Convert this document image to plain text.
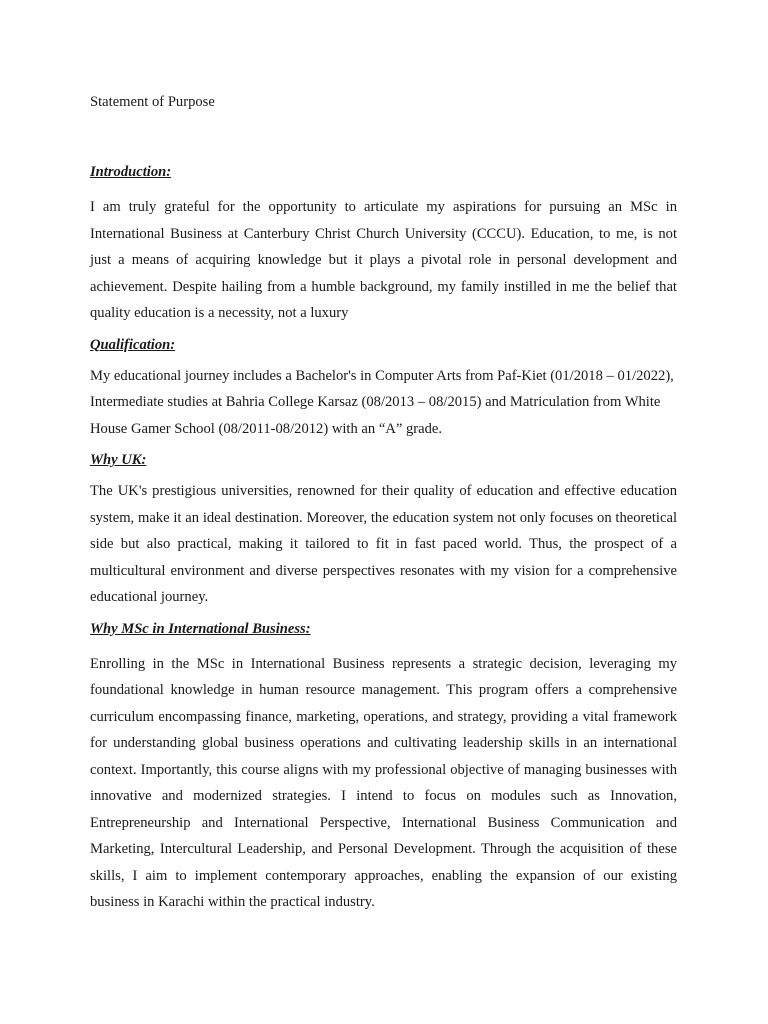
Statement of Purpose

Introduction:

I am truly grateful for the opportunity to articulate my aspirations for pursuing an MSc in International Business at Canterbury Christ Church University (CCCU). Education, to me, is not just a means of acquiring knowledge but it plays a pivotal role in personal development and achievement. Despite hailing from a humble background, my family instilled in me the belief that quality education is a necessity, not a luxury

Qualification:

My educational journey includes a Bachelor's in Computer Arts from Paf-Kiet (01/2018 – 01/2022), Intermediate studies at Bahria College Karsaz (08/2013 – 08/2015) and Matriculation from White House Gamer School (08/2011-08/2012) with an “A” grade.

Why UK:

The UK's prestigious universities, renowned for their quality of education and effective education system, make it an ideal destination. Moreover, the education system not only focuses on theoretical side but also practical, making it tailored to fit in fast paced world. Thus, the prospect of a multicultural environment and diverse perspectives resonates with my vision for a comprehensive educational journey.

Why MSc in International Business:

Enrolling in the MSc in International Business represents a strategic decision, leveraging my foundational knowledge in human resource management. This program offers a comprehensive curriculum encompassing finance, marketing, operations, and strategy, providing a vital framework for understanding global business operations and cultivating leadership skills in an international context. Importantly, this course aligns with my professional objective of managing businesses with innovative and modernized strategies. I intend to focus on modules such as Innovation, Entrepreneurship and International Perspective, International Business Communication and Marketing, Intercultural Leadership, and Personal Development. Through the acquisition of these skills, I aim to implement contemporary approaches, enabling the expansion of our existing business in Karachi within the practical industry.
